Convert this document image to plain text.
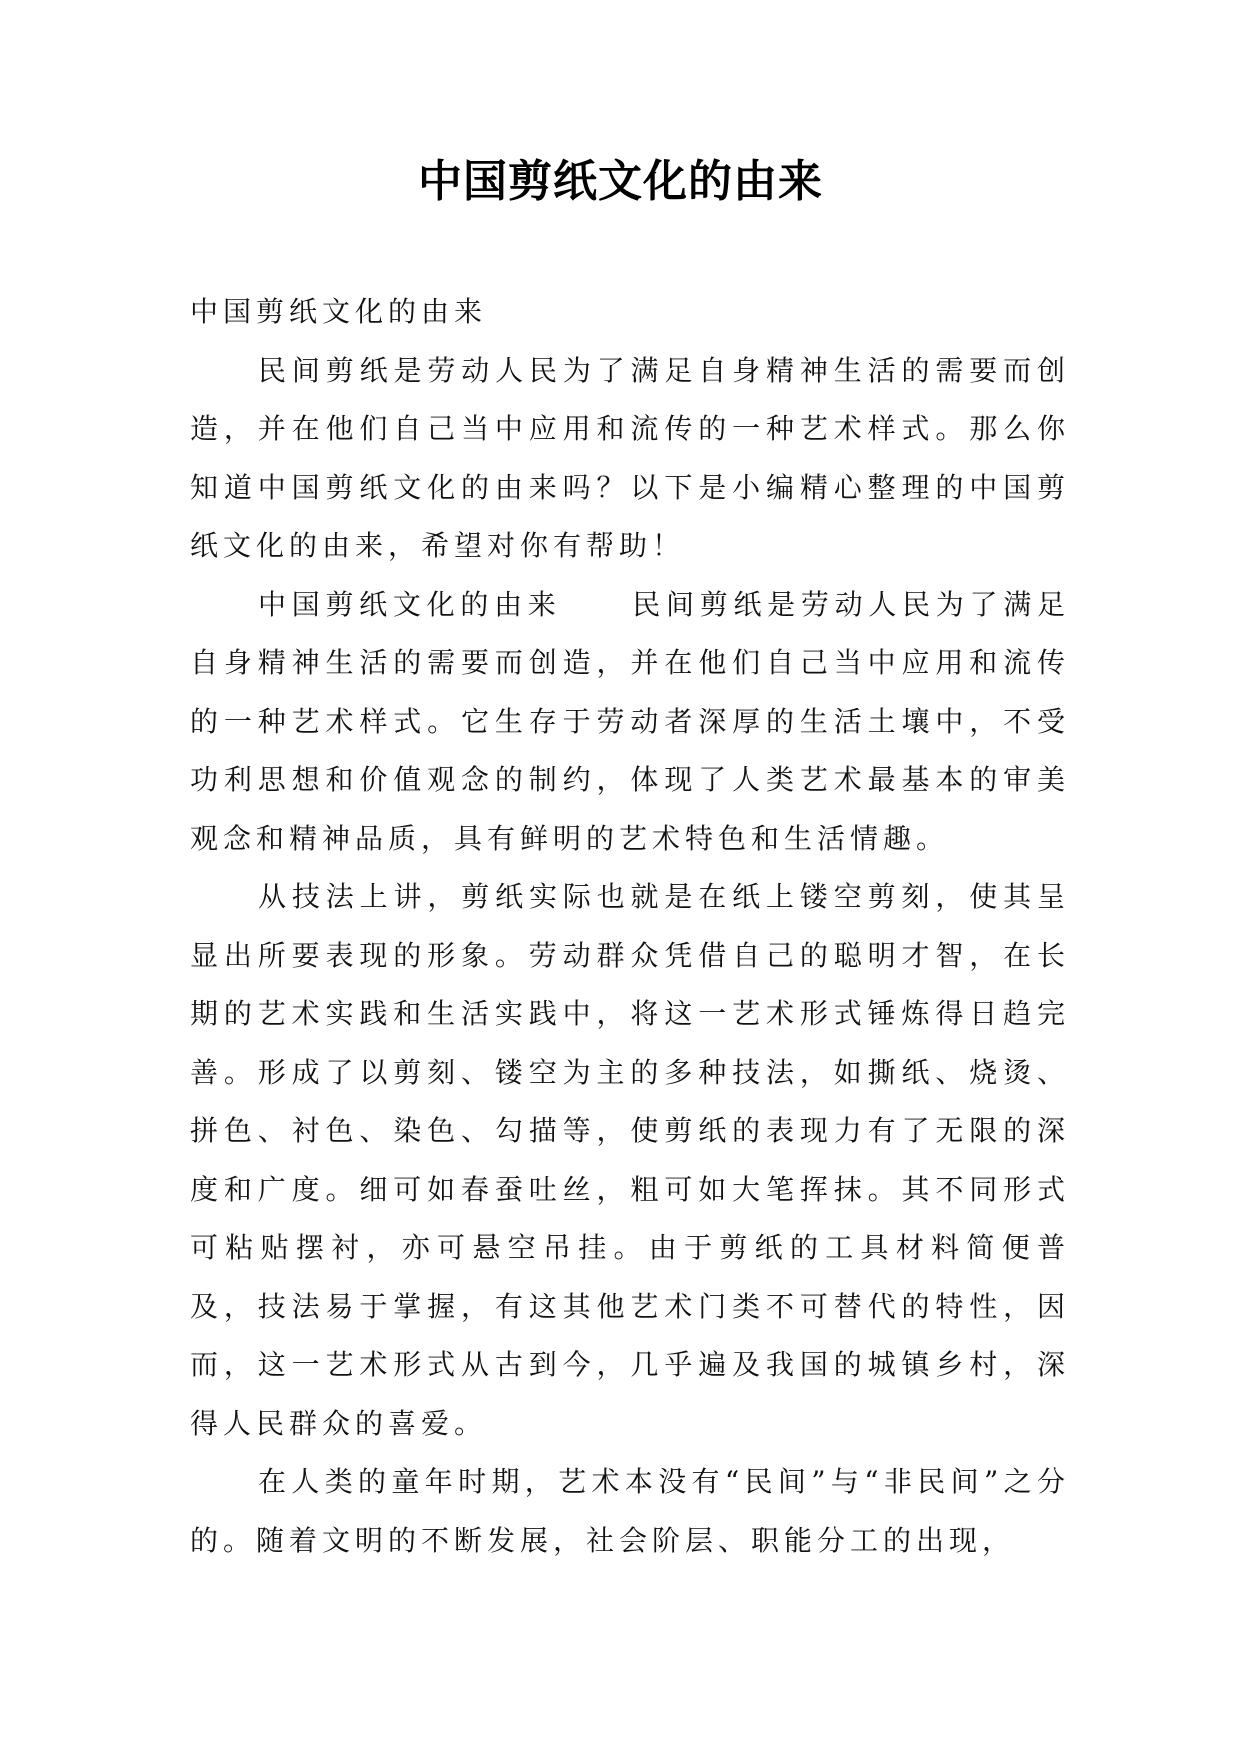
中国剪纸文化的由来

中国剪纸文化的由来

民间剪纸是劳动人民为了满足自身精神生活的需要而创造，并在他们自己当中应用和流传的一种艺术样式。那么你知道中国剪纸文化的由来吗？以下是小编精心整理的中国剪纸文化的由来，希望对你有帮助！

中国剪纸文化的由来	民间剪纸是劳动人民为了满足自身精神生活的需要而创造，并在他们自己当中应用和流传的一种艺术样式。它生存于劳动者深厚的生活土壤中，不受功利思想和价值观念的制约，体现了人类艺术最基本的审美观念和精神品质，具有鲜明的艺术特色和生活情趣。

从技法上讲，剪纸实际也就是在纸上镂空剪刻，使其呈显出所要表现的形象。劳动群众凭借自己的聪明才智，在长期的艺术实践和生活实践中，将这一艺术形式锤炼得日趋完善。形成了以剪刻、镂空为主的多种技法，如撕纸、烧烫、拼色、衬色、染色、勾描等，使剪纸的表现力有了无限的深度和广度。细可如春蚕吐丝，粗可如大笔挥抹。其不同形式可粘贴摆衬，亦可悬空吊挂。由于剪纸的工具材料简便普及，技法易于掌握，有这其他艺术门类不可替代的特性，因而，这一艺术形式从古到今，几乎遍及我国的城镇乡村，深得人民群众的喜爱。

在人类的童年时期，艺术本没有“民间”与“非民间”之分的。随着文明的不断发展，社会阶层、职能分工的出现，
